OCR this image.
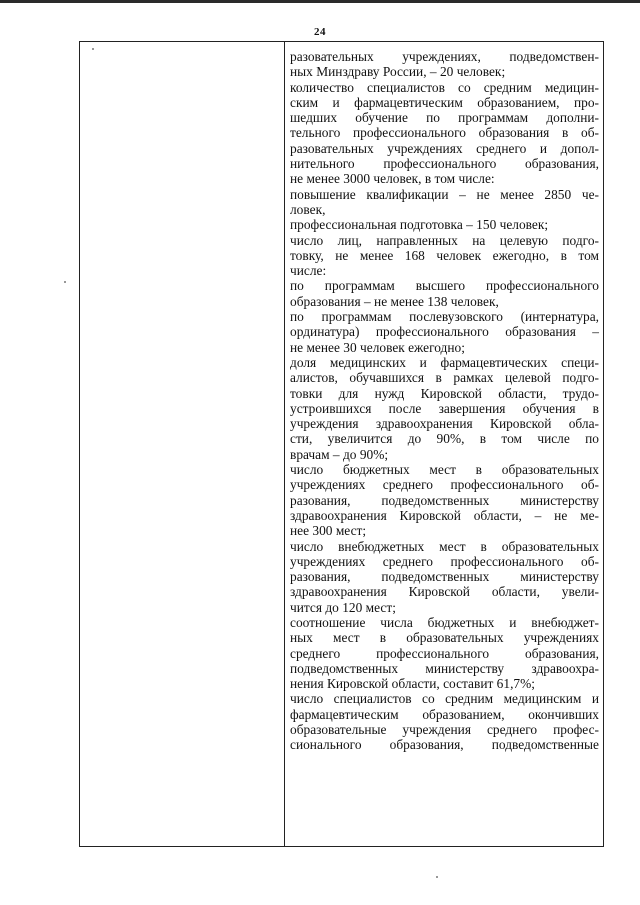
24

разовательных учреждениях, подведомствен-

ных Минздраву России, – 20 человек;

количество специалистов со средним медицин-

ским и фармацевтическим образованием, про-

шедших обучение по программам дополни-

тельного профессионального образования в об-

разовательных учреждениях среднего и допол-

нительного профессионального образования,

не менее 3000 человек, в том числе:

повышение квалификации – не менее 2850 че-

ловек,

профессиональная подготовка – 150 человек;

число лиц, направленных на целевую подго-

товку, не менее 168 человек ежегодно, в том

числе:

по программам высшего профессионального

образования – не менее 138 человек,

по программам послевузовского (интернатура,

ординатура) профессионального образования –

не менее 30 человек ежегодно;

доля медицинских и фармацевтических специ-

алистов, обучавшихся в рамках целевой подго-

товки для нужд Кировской области, трудо-

устроившихся после завершения обучения в

учреждения здравоохранения Кировской обла-

сти, увеличится до 90%, в том числе по

врачам – до 90%;

число бюджетных мест в образовательных

учреждениях среднего профессионального об-

разования, подведомственных министерству

здравоохранения Кировской области, – не ме-

нее 300 мест;

число внебюджетных мест в образовательных

учреждениях среднего профессионального об-

разования, подведомственных министерству

здравоохранения Кировской области, увели-

чится до 120 мест;

соотношение числа бюджетных и внебюджет-

ных мест в образовательных учреждениях

среднего профессионального образования,

подведомственных министерству здравоохра-

нения Кировской области, составит 61,7%;

число специалистов со средним медицинским и

фармацевтическим образованием, окончивших

образовательные учреждения среднего профес-

сионального образования, подведомственные
